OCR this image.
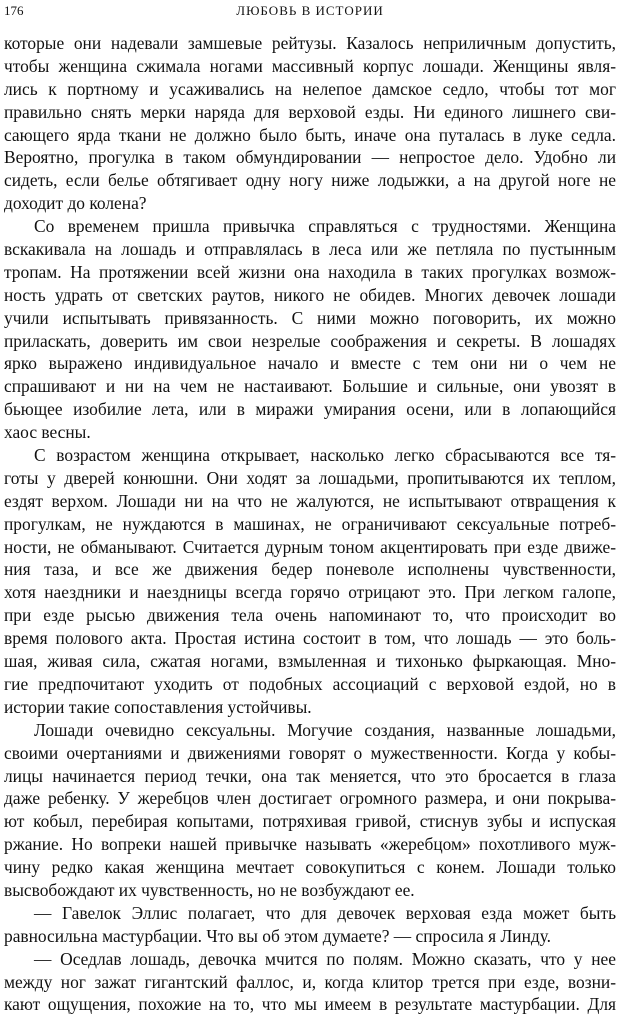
176	ЛЮБОВЬ В ИСТОРИИ
которые они надевали замшевые рейтузы. Казалось неприличным допустить,
чтобы женщина сжимала ногами массивный корпус лошади. Женщины явля-
лись к портному и усаживались на нелепое дамское седло, чтобы тот мог
правильно снять мерки наряда для верховой езды. Ни единого лишнего сви-
сающего ярда ткани не должно было быть, иначе она путалась в луке седла.
Вероятно, прогулка в таком обмундировании — непростое дело. Удобно ли
сидеть, если белье обтягивает одну ногу ниже лодыжки, а на другой ноге не
доходит до колена?
Со временем пришла привычка справляться с трудностями. Женщина
вскакивала на лошадь и отправлялась в леса или же петляла по пустынным
тропам. На протяжении всей жизни она находила в таких прогулках возмож-
ность удрать от светских раутов, никого не обидев. Многих девочек лошади
учили испытывать привязанность. С ними можно поговорить, их можно
приласкать, доверить им свои незрелые соображения и секреты. В лошадях
ярко выражено индивидуальное начало и вместе с тем они ни о чем не
спрашивают и ни на чем не настаивают. Большие и сильные, они увозят в
бьющее изобилие лета, или в миражи умирания осени, или в лопающийся
хаос весны.
С возрастом женщина открывает, насколько легко сбрасываются все тя-
готы у дверей конюшни. Они ходят за лошадьми, пропитываются их теплом,
ездят верхом. Лошади ни на что не жалуются, не испытывают отвращения к
прогулкам, не нуждаются в машинах, не ограничивают сексуальные потреб-
ности, не обманывают. Считается дурным тоном акцентировать при езде движе-
ния таза, и все же движения бедер поневоле исполнены чувственности,
хотя наездники и наездницы всегда горячо отрицают это. При легком галопе,
при езде рысью движения тела очень напоминают то, что происходит во
время полового акта. Простая истина состоит в том, что лошадь — это боль-
шая, живая сила, сжатая ногами, взмыленная и тихонько фыркающая. Мно-
гие предпочитают уходить от подобных ассоциаций с верховой ездой, но в
истории такие сопоставления устойчивы.
Лошади очевидно сексуальны. Могучие создания, названные лошадьми,
своими очертаниями и движениями говорят о мужественности. Когда у кобы-
лицы начинается период течки, она так меняется, что это бросается в глаза
даже ребенку. У жеребцов член достигает огромного размера, и они покрыва-
ют кобыл, перебирая копытами, потряхивая гривой, стиснув зубы и испуская
ржание. Но вопреки нашей привычке называть «жеребцом» похотливого муж-
чину редко какая женщина мечтает совокупиться с конем. Лошади только
высвобождают их чувственность, но не возбуждают ее.
— Гавелок Эллис полагает, что для девочек верховая езда может быть
равносильна мастурбации. Что вы об этом думаете? — спросила я Линду.
— Оседлав лошадь, девочка мчится по полям. Можно сказать, что у нее
между ног зажат гигантский фаллос, и, когда клитор трется при езде, возни-
кают ощущения, похожие на то, что мы имеем в результате мастурбации. Для
